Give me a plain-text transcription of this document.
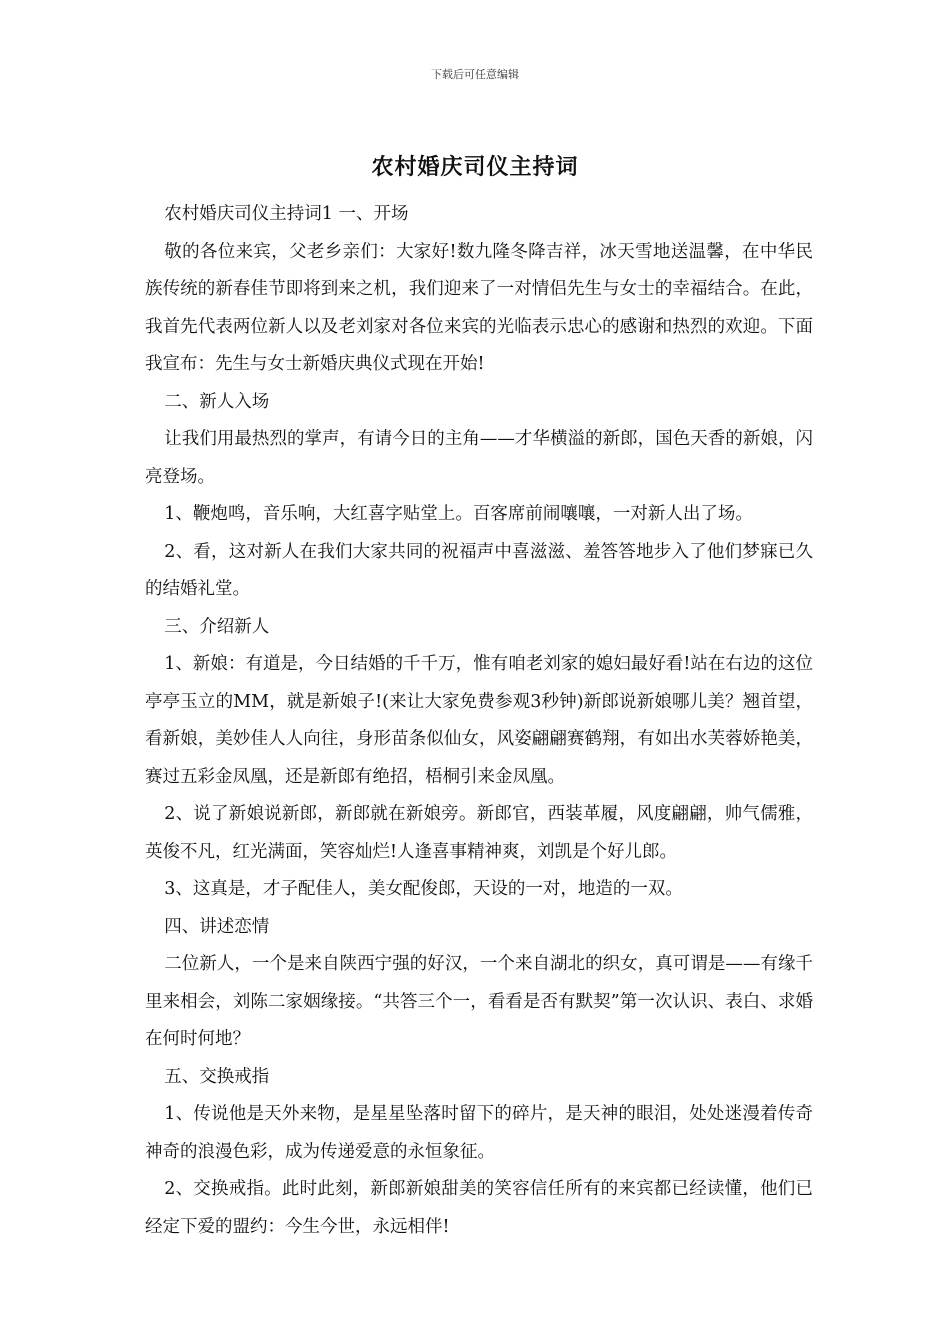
下载后可任意编辑
农村婚庆司仪主持词

农村婚庆司仪主持词1 一、开场

敬的各位来宾，父老乡亲们：大家好!数九隆冬降吉祥，冰天雪地送温馨，在中华民族传统的新春佳节即将到来之机，我们迎来了一对情侣先生与女士的幸福结合。在此，我首先代表两位新人以及老刘家对各位来宾的光临表示忠心的感谢和热烈的欢迎。下面我宣布：先生与女士新婚庆典仪式现在开始!

二、新人入场

让我们用最热烈的掌声，有请今日的主角——才华横溢的新郎，国色天香的新娘，闪亮登场。

1、鞭炮鸣，音乐响，大红喜字贴堂上。百客席前闹嚷嚷，一对新人出了场。

2、看，这对新人在我们大家共同的祝福声中喜滋滋、羞答答地步入了他们梦寐已久的结婚礼堂。

三、介绍新人

1、新娘：有道是，今日结婚的千千万，惟有咱老刘家的媳妇最好看!站在右边的这位亭亭玉立的MM，就是新娘子!(来让大家免费参观3秒钟)新郎说新娘哪儿美？翘首望，看新娘，美妙佳人人向往，身形苗条似仙女，风姿翩翩赛鹤翔，有如出水芙蓉娇艳美，赛过五彩金凤凰，还是新郎有绝招，梧桐引来金凤凰。

2、说了新娘说新郎，新郎就在新娘旁。新郎官，西装革履，风度翩翩，帅气儒雅，英俊不凡，红光满面，笑容灿烂!人逢喜事精神爽，刘凯是个好儿郎。

3、这真是，才子配佳人，美女配俊郎，天设的一对，地造的一双。

四、讲述恋情

二位新人，一个是来自陕西宁强的好汉，一个来自湖北的织女，真可谓是——有缘千里来相会，刘陈二家姻缘接。“共答三个一，看看是否有默契”第一次认识、表白、求婚在何时何地？

五、交换戒指

1、传说他是天外来物，是星星坠落时留下的碎片，是天神的眼泪，处处迷漫着传奇神奇的浪漫色彩，成为传递爱意的永恒象征。

2、交换戒指。此时此刻，新郎新娘甜美的笑容信任所有的来宾都已经读懂，他们已经定下爱的盟约：今生今世，永远相伴!
